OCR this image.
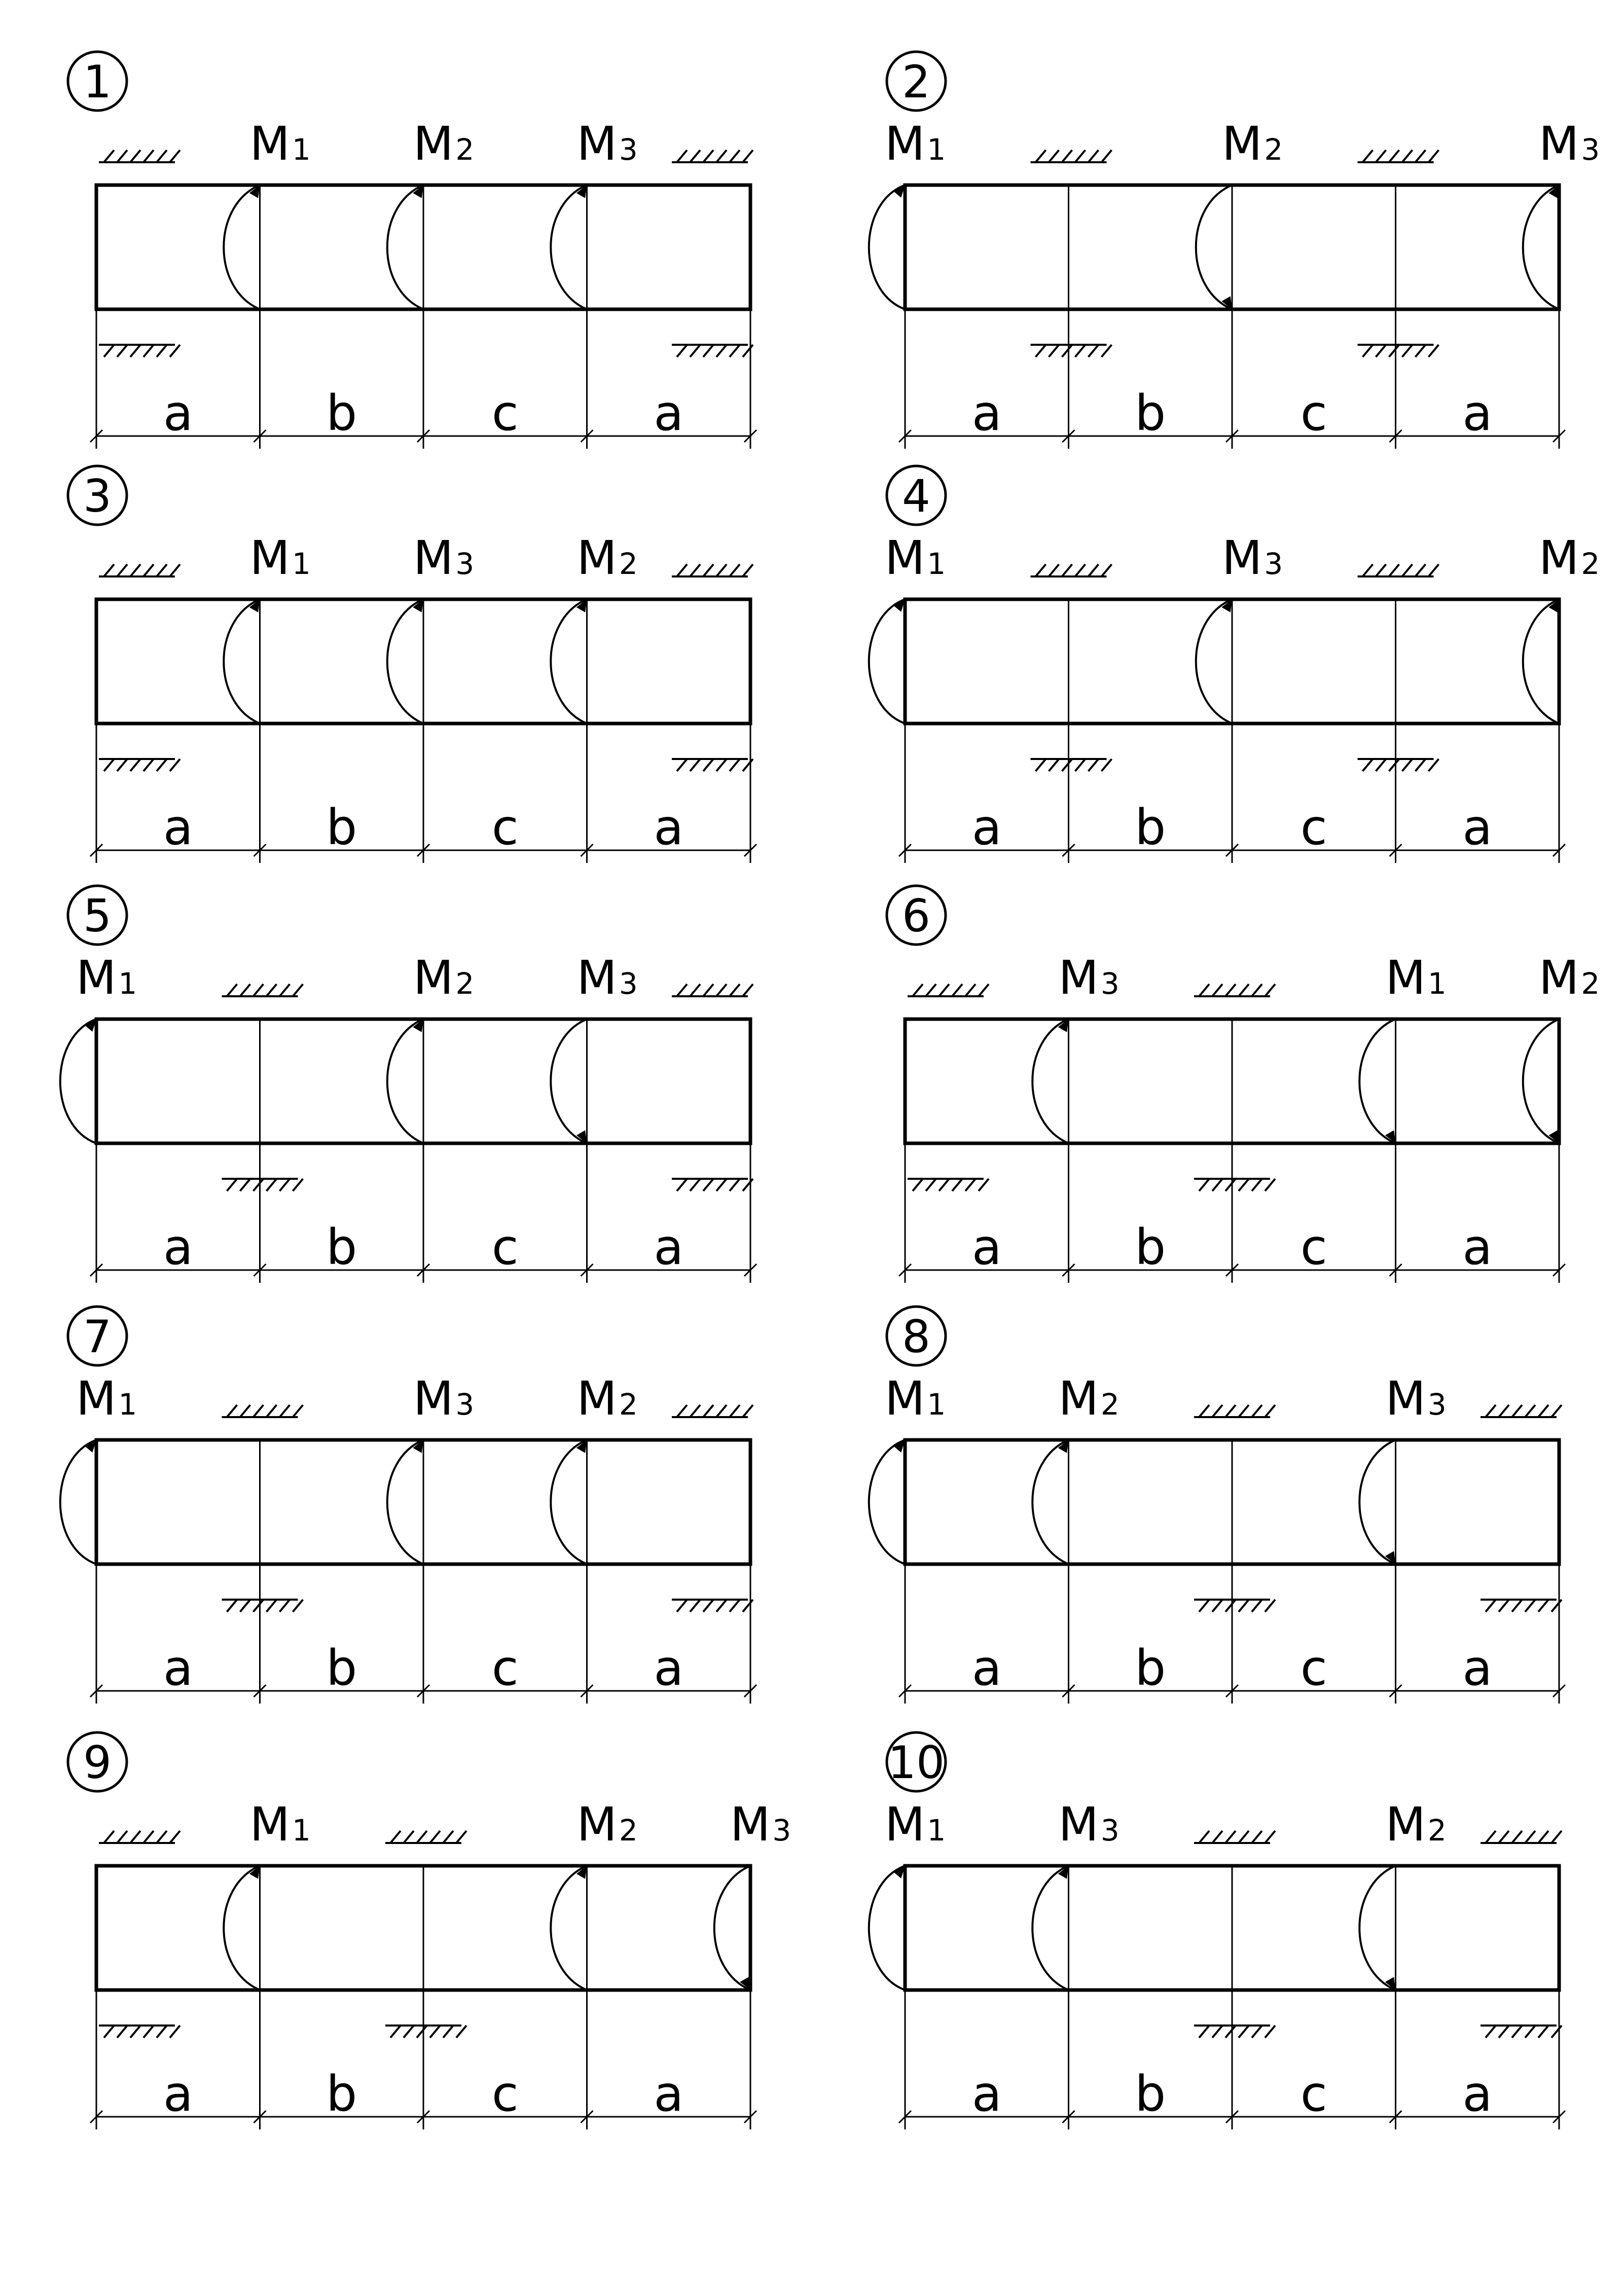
1
a	b	c	a
M1 M2 M3
2
a	b	c	a
M1	M2	M3
3
a	b	c	a
M1 M3 M2
4
a	b	c	a
M1	M3	M2
5
a	b	c	a
M1	M2 M3
6
a	b	c	a
M3	M1 M2
7
a	b	c	a
M1	M3 M2
8
a	b	c	a
M1 M2	M3
9
a	b	c	a
M1	M2 M3
10
a	b	c	a
M1 M3	M2
